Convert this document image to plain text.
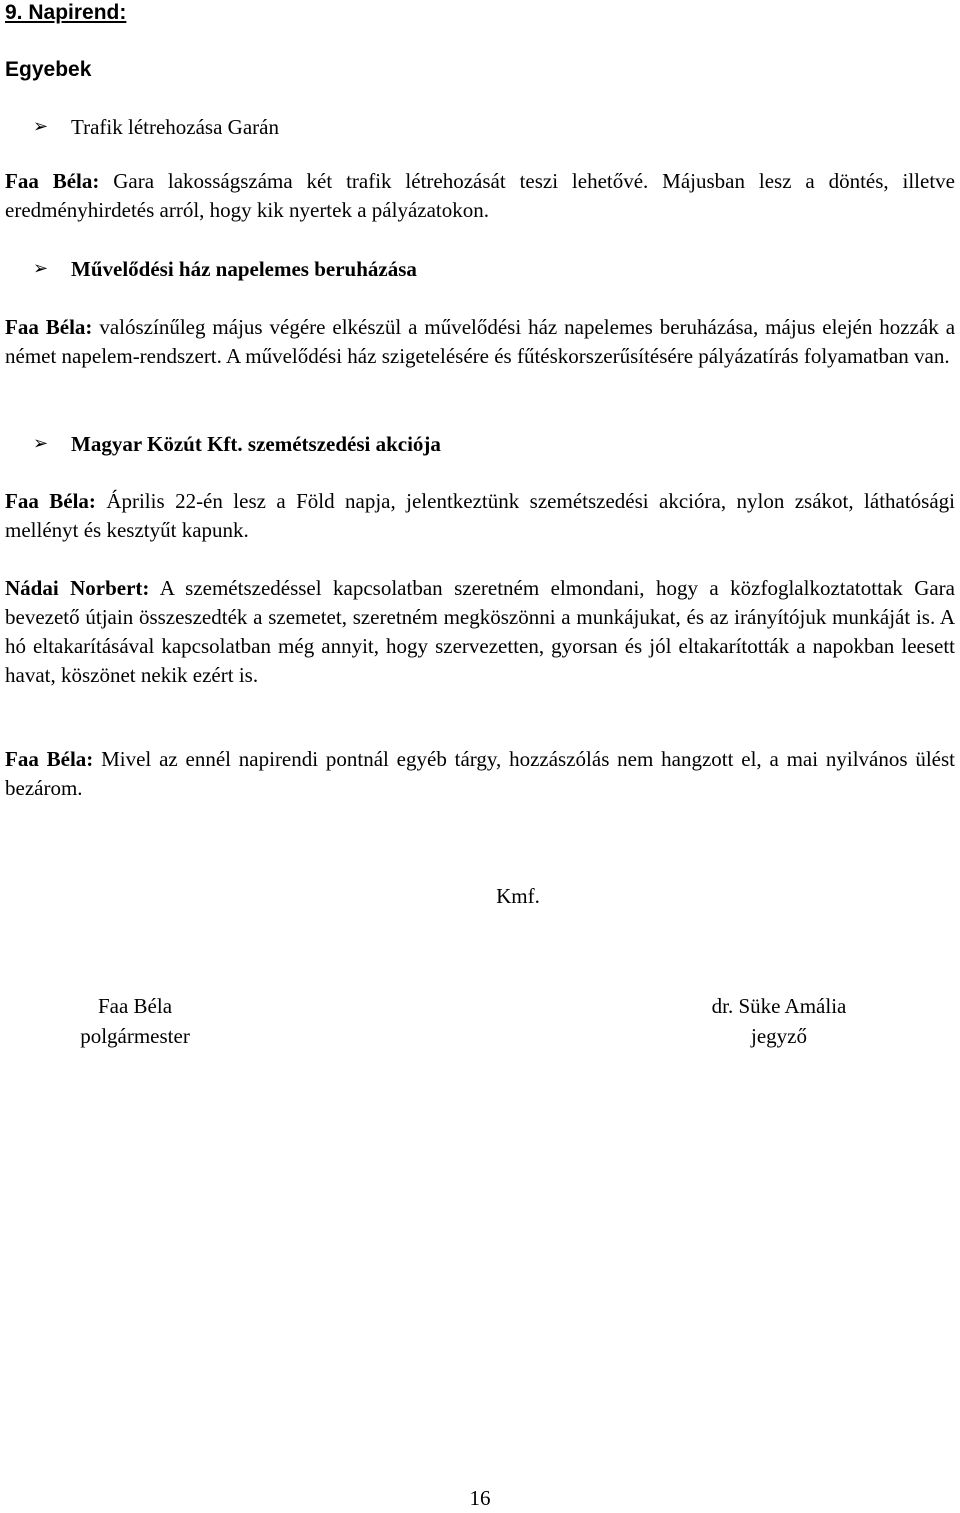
9. Napirend:
Egyebek
➢ Trafik létrehozása Garán

Faa Béla: Gara lakosságszáma két trafik létrehozását teszi lehetővé. Májusban lesz a döntés, illetve eredményhirdetés arról, hogy kik nyertek a pályázatokon.

➢ Művelődési ház napelemes beruházása

Faa Béla: valószínűleg május végére elkészül a művelődési ház napelemes beruházása, május elején hozzák a német napelem-rendszert. A művelődési ház szigetelésére és fűtéskorszerűsítésére pályázatírás folyamatban van.

➢ Magyar Közút Kft. szemétszedési akciója

Faa Béla: Április 22-én lesz a Föld napja, jelentkeztünk szemétszedési akcióra, nylon zsákot, láthatósági mellényt és kesztyűt kapunk.

Nádai Norbert: A szemétszedéssel kapcsolatban szeretném elmondani, hogy a közfoglalkoztatottak Gara bevezető útjain összeszedték a szemetet, szeretném megköszönni a munkájukat, és az irányítójuk munkáját is. A hó eltakarításával kapcsolatban még annyit, hogy szervezetten, gyorsan és jól eltakarították a napokban leesett havat, köszönet nekik ezért is.

Faa Béla: Mivel az ennél napirendi pontnál egyéb tárgy, hozzászólás nem hangzott el, a mai nyilvános ülést bezárom.

Kmf.
Faa Béla
polgármester
dr. Süke Amália
jegyző
16
